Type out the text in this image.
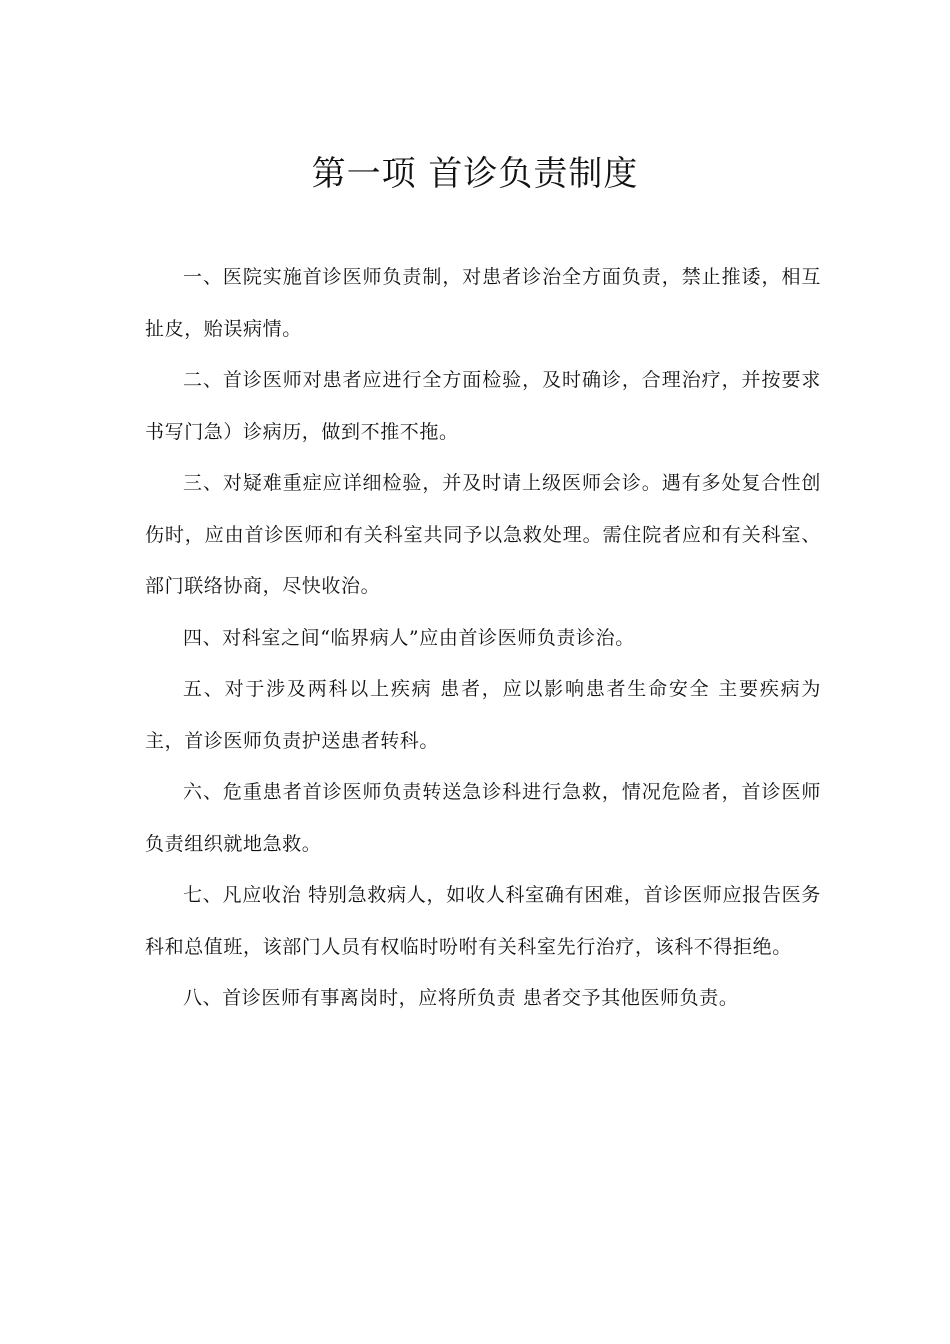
第一项 首诊负责制度

一、医院实施首诊医师负责制，对患者诊治全方面负责，禁止推诿，相互扯皮，贻误病情。

二、首诊医师对患者应进行全方面检验，及时确诊，合理治疗，并按要求书写门急）诊病历，做到不推不拖。

三、对疑难重症应详细检验，并及时请上级医师会诊。遇有多处复合性创伤时，应由首诊医师和有关科室共同予以急救处理。需住院者应和有关科室、部门联络协商，尽快收治。

四、对科室之间“临界病人”应由首诊医师负责诊治。

五、对于涉及两科以上疾病 患者，应以影响患者生命安全 主要疾病为主，首诊医师负责护送患者转科。

六、危重患者首诊医师负责转送急诊科进行急救，情况危险者，首诊医师负责组织就地急救。

七、凡应收治 特别急救病人，如收人科室确有困难，首诊医师应报告医务科和总值班，该部门人员有权临时吩咐有关科室先行治疗，该科不得拒绝。

八、首诊医师有事离岗时，应将所负责 患者交予其他医师负责。
